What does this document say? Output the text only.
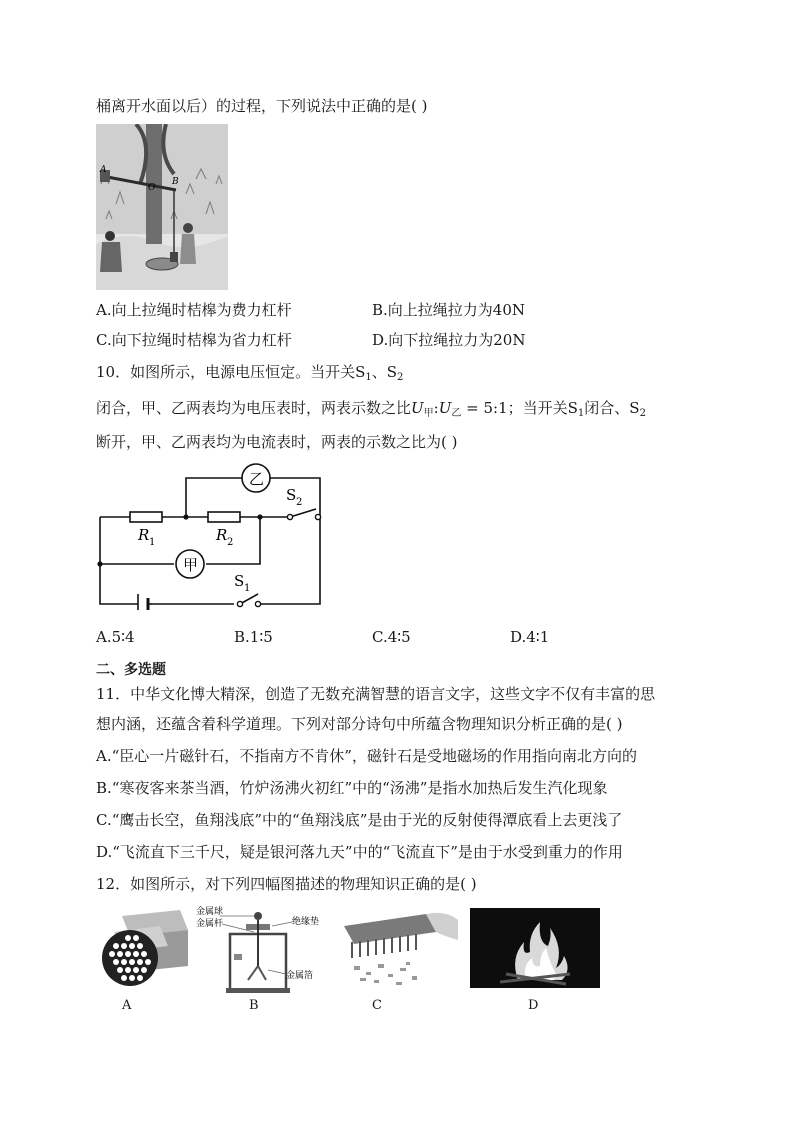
桶离开水面以后）的过程，下列说法中正确的是( )
A
O
B
A.向上拉绳时桔槔为费力杠杆	B.向上拉绳拉力为40N
C.向下拉绳时桔槔为省力杠杆	D.向下拉绳拉力为20N
10．如图所示，电源电压恒定。当开关$S_1$、$S_2$
闭合，甲、乙两表均为电压表时，两表示数之比$U_甲:U_乙$ = 5:1；当开关$S_1$闭合、$S_2$
断开，甲、乙两表均为电流表时，两表的示数之比为( )
乙
甲
R 1	R 2
S 2
S 1
A.5∶4	B.1∶5	C.4∶5	D.4∶1
二、多选题
11．中华文化博大精深，创造了无数充满智慧的语言文字，这些文字不仅有丰富的思
想内涵，还蕴含着科学道理。下列对部分诗句中所蕴含物理知识分析正确的是( )
A.“臣心一片磁针石，不指南方不肯休”，磁针石是受地磁场的作用指向南北方向的
B.“寒夜客来茶当酒，竹炉汤沸火初红”中的“汤沸”是指水加热后发生汽化现象
C.“鹰击长空，鱼翔浅底”中的“鱼翔浅底”是由于光的反射使得潭底看上去更浅了
D.“飞流直下三千尺，疑是银河落九天”中的“飞流直下”是由于水受到重力的作用
12．如图所示，对下列四幅图描述的物理知识正确的是( )
A
金属球
金属杆	绝缘垫
金属箔
B	C	D
